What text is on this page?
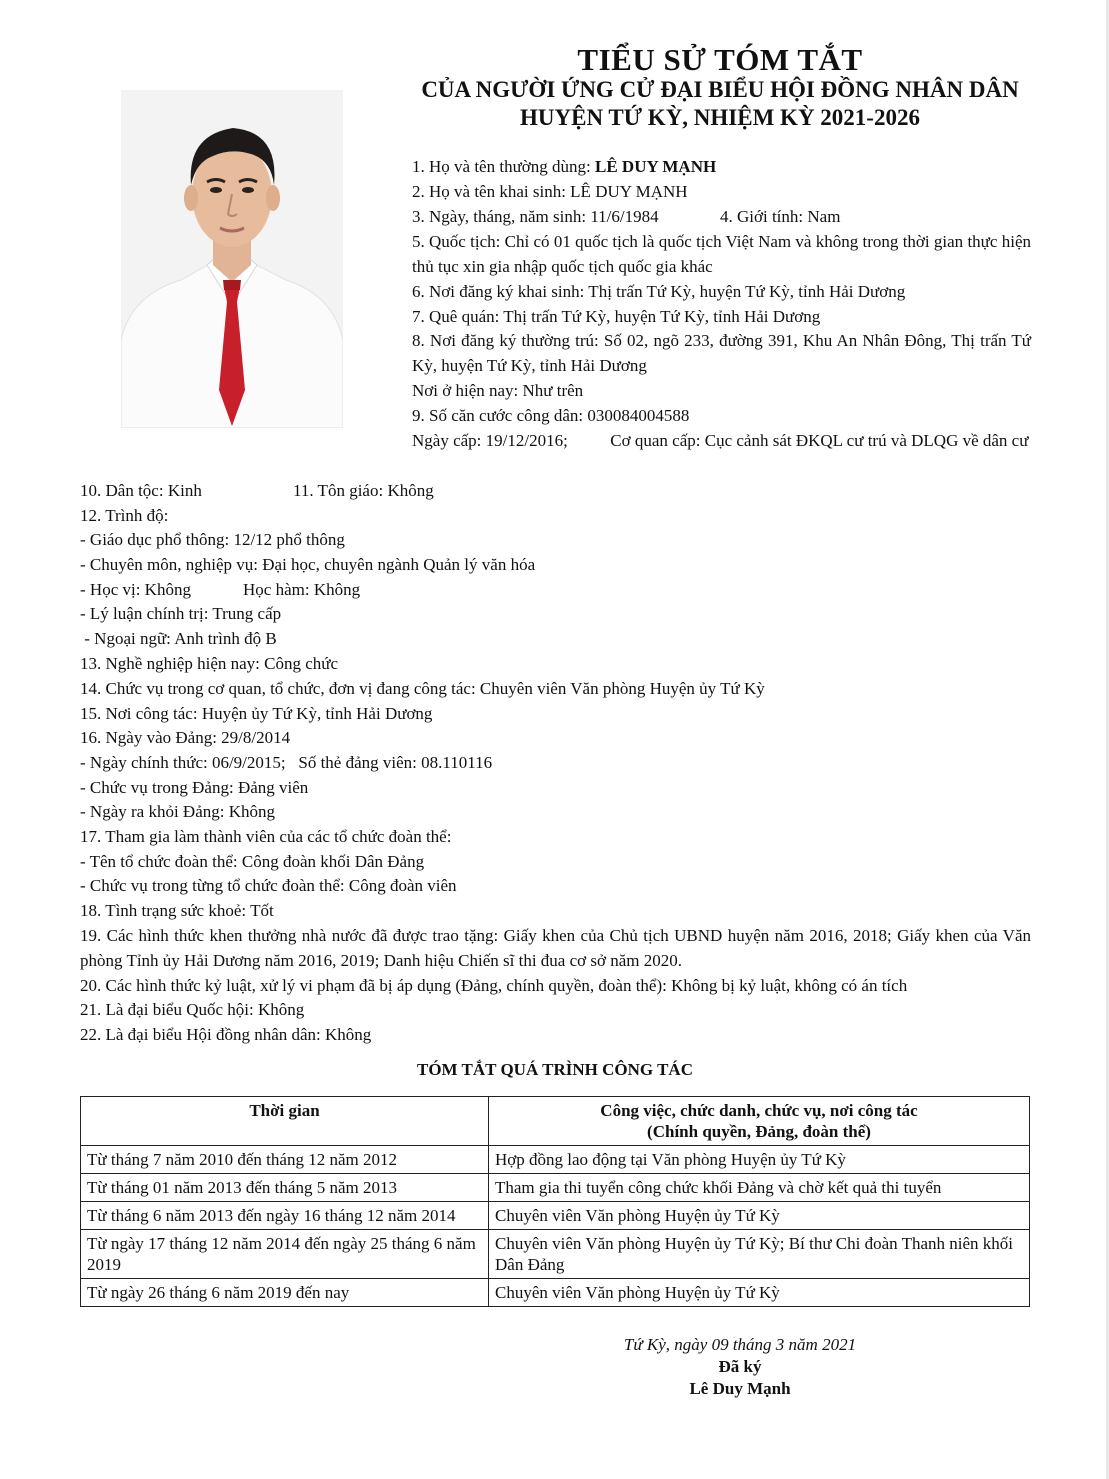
TIỂU SỬ TÓM TẮT
CỦA NGƯỜI ỨNG CỬ ĐẠI BIỂU HỘI ĐỒNG NHÂN DÂN
HUYỆN TỨ KỲ, NHIỆM KỲ 2021-2026
1. Họ và tên thường dùng: LÊ DUY MẠNH
2. Họ và tên khai sinh: LÊ DUY MẠNH
3. Ngày, tháng, năm sinh: 11/6/1984	4. Giới tính: Nam
5. Quốc tịch: Chỉ có 01 quốc tịch là quốc tịch Việt Nam và không trong thời gian thực hiện thủ tục xin gia nhập quốc tịch quốc gia khác
6. Nơi đăng ký khai sinh: Thị trấn Tứ Kỳ, huyện Tứ Kỳ, tỉnh Hải Dương
7. Quê quán: Thị trấn Tứ Kỳ, huyện Tứ Kỳ, tỉnh Hải Dương
8. Nơi đăng ký thường trú: Số 02, ngõ 233, đường 391, Khu An Nhân Đông, Thị trấn Tứ Kỳ, huyện Tứ Kỳ, tỉnh Hải Dương
Nơi ở hiện nay: Như trên
9. Số căn cước công dân: 030084004588
Ngày cấp: 19/12/2016;          Cơ quan cấp: Cục cảnh sát ĐKQL cư trú và DLQG về dân cư
10. Dân tộc: Kinh	11. Tôn giáo: Không
12. Trình độ:
- Giáo dục phổ thông: 12/12 phổ thông
- Chuyên môn, nghiệp vụ: Đại học, chuyên ngành Quản lý văn hóa
- Học vị: Không	Học hàm: Không
- Lý luận chính trị: Trung cấp
- Ngoại ngữ: Anh trình độ B
13. Nghề nghiệp hiện nay: Công chức
14. Chức vụ trong cơ quan, tổ chức, đơn vị đang công tác: Chuyên viên Văn phòng Huyện ủy Tứ Kỳ
15. Nơi công tác: Huyện ủy Tứ Kỳ, tỉnh Hải Dương
16. Ngày vào Đảng: 29/8/2014
- Ngày chính thức: 06/9/2015;   Số thẻ đảng viên: 08.110116
- Chức vụ trong Đảng: Đảng viên
- Ngày ra khỏi Đảng: Không
17. Tham gia làm thành viên của các tổ chức đoàn thể:
- Tên tổ chức đoàn thể: Công đoàn khối Dân Đảng
- Chức vụ trong từng tổ chức đoàn thể: Công đoàn viên
18. Tình trạng sức khoẻ: Tốt
19. Các hình thức khen thưởng nhà nước đã được trao tặng: Giấy khen của Chủ tịch UBND huyện năm 2016, 2018; Giấy khen của Văn phòng Tỉnh ủy Hải Dương năm 2016, 2019; Danh hiệu Chiến sĩ thi đua cơ sở năm 2020.
20. Các hình thức kỷ luật, xử lý vi phạm đã bị áp dụng (Đảng, chính quyền, đoàn thể): Không bị kỷ luật, không có án tích
21. Là đại biểu Quốc hội: Không
22. Là đại biểu Hội đồng nhân dân: Không
TÓM TẮT QUÁ TRÌNH CÔNG TÁC
Thời gian	Công việc, chức danh, chức vụ, nơi công tác
(Chính quyền, Đảng, đoàn thể)

Từ tháng 7 năm 2010 đến tháng 12 năm 2012	Hợp đồng lao động tại Văn phòng Huyện ủy Tứ Kỳ
Từ tháng 01 năm 2013 đến tháng 5 năm 2013	Tham gia thi tuyển công chức khối Đảng và chờ kết quả thi tuyển
Từ tháng 6 năm 2013 đến ngày 16 tháng 12 năm 2014	Chuyên viên Văn phòng Huyện ủy Tứ Kỳ
Từ ngày 17 tháng 12 năm 2014 đến ngày 25 tháng 6 năm 2019	Chuyên viên Văn phòng Huyện ủy Tứ Kỳ; Bí thư Chi đoàn Thanh niên khối Dân Đảng
Từ ngày 26 tháng 6 năm 2019 đến nay	Chuyên viên Văn phòng Huyện ủy Tứ Kỳ
Tứ Kỳ, ngày 09 tháng 3 năm 2021
Đã ký
Lê Duy Mạnh
